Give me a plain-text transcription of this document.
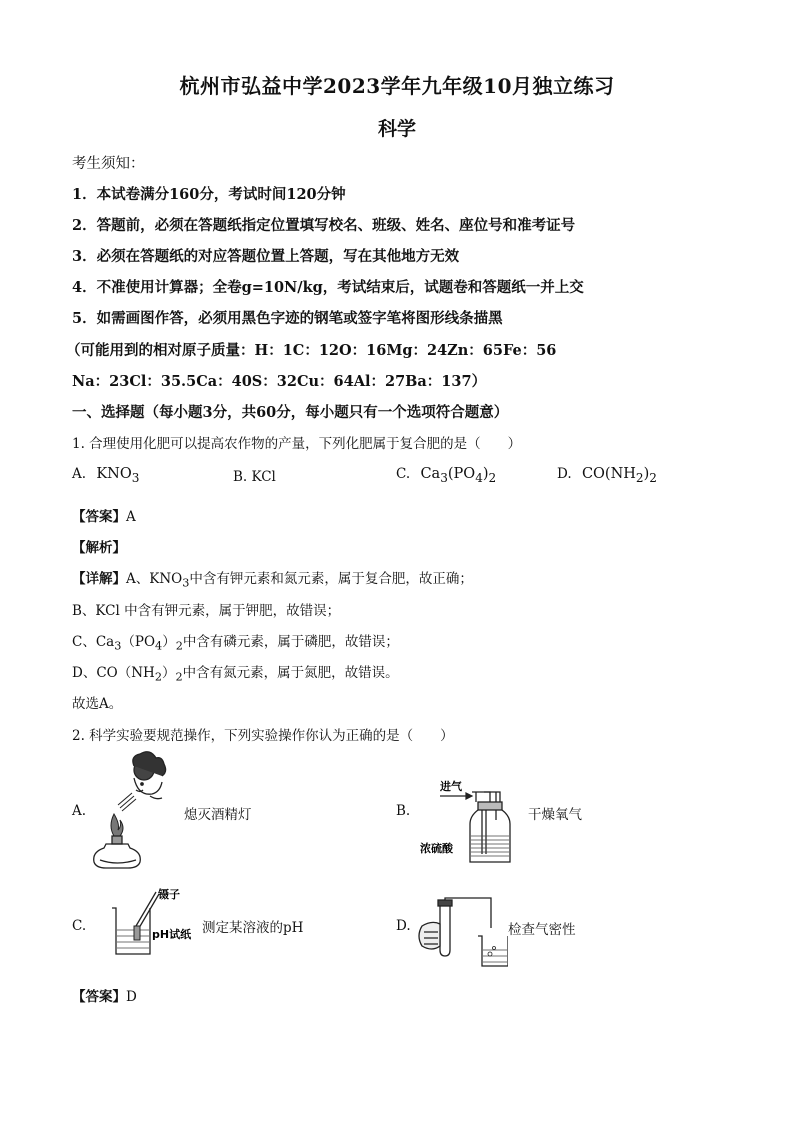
杭州市弘益中学2023学年九年级10月独立练习
科学
考生须知：
1．本试卷满分160分，考试时间120分钟
2．答题前，必须在答题纸指定位置填写校名、班级、姓名、座位号和准考证号
3．必须在答题纸的对应答题位置上答题，写在其他地方无效
4．不准使用计算器；全卷g=10N/kg，考试结束后，试题卷和答题纸一并上交
5．如需画图作答，必须用黑色字迹的钢笔或签字笔将图形线条描黑
（可能用到的相对原子质量：H：1C：12O：16Mg：24Zn：65Fe：56
Na：23Cl：35.5Ca：40S：32Cu：64Al：27Ba：137）
一、选择题（每小题3分，共60分，每小题只有一个选项符合题意）
1. 合理使用化肥可以提高农作物的产量，下列化肥属于复合肥的是（　　）
A. $KNO_3$	B. KCl	C. $Ca_3(PO_4)_2$	D. $CO(NH_2)_2$
【答案】A
【解析】
【详解】A、$KNO_3$中含有钾元素和氮元素，属于复合肥，故正确；
B、KCl 中含有钾元素，属于钾肥，故错误；
C、$Ca_3(PO_4)_2$中含有磷元素，属于磷肥，故错误；
D、$CO(NH_2)_2$中含有氮元素，属于氮肥，故错误。
故选A。
2. 科学实验要规范操作，下列实验操作你认为正确的是（　　）
A.	熄灭酒精灯	B.
进气
浓硫酸
干燥氧气
C.
镊子
pH试纸 测定某溶液的pH	D.	检查气密性
【答案】D
